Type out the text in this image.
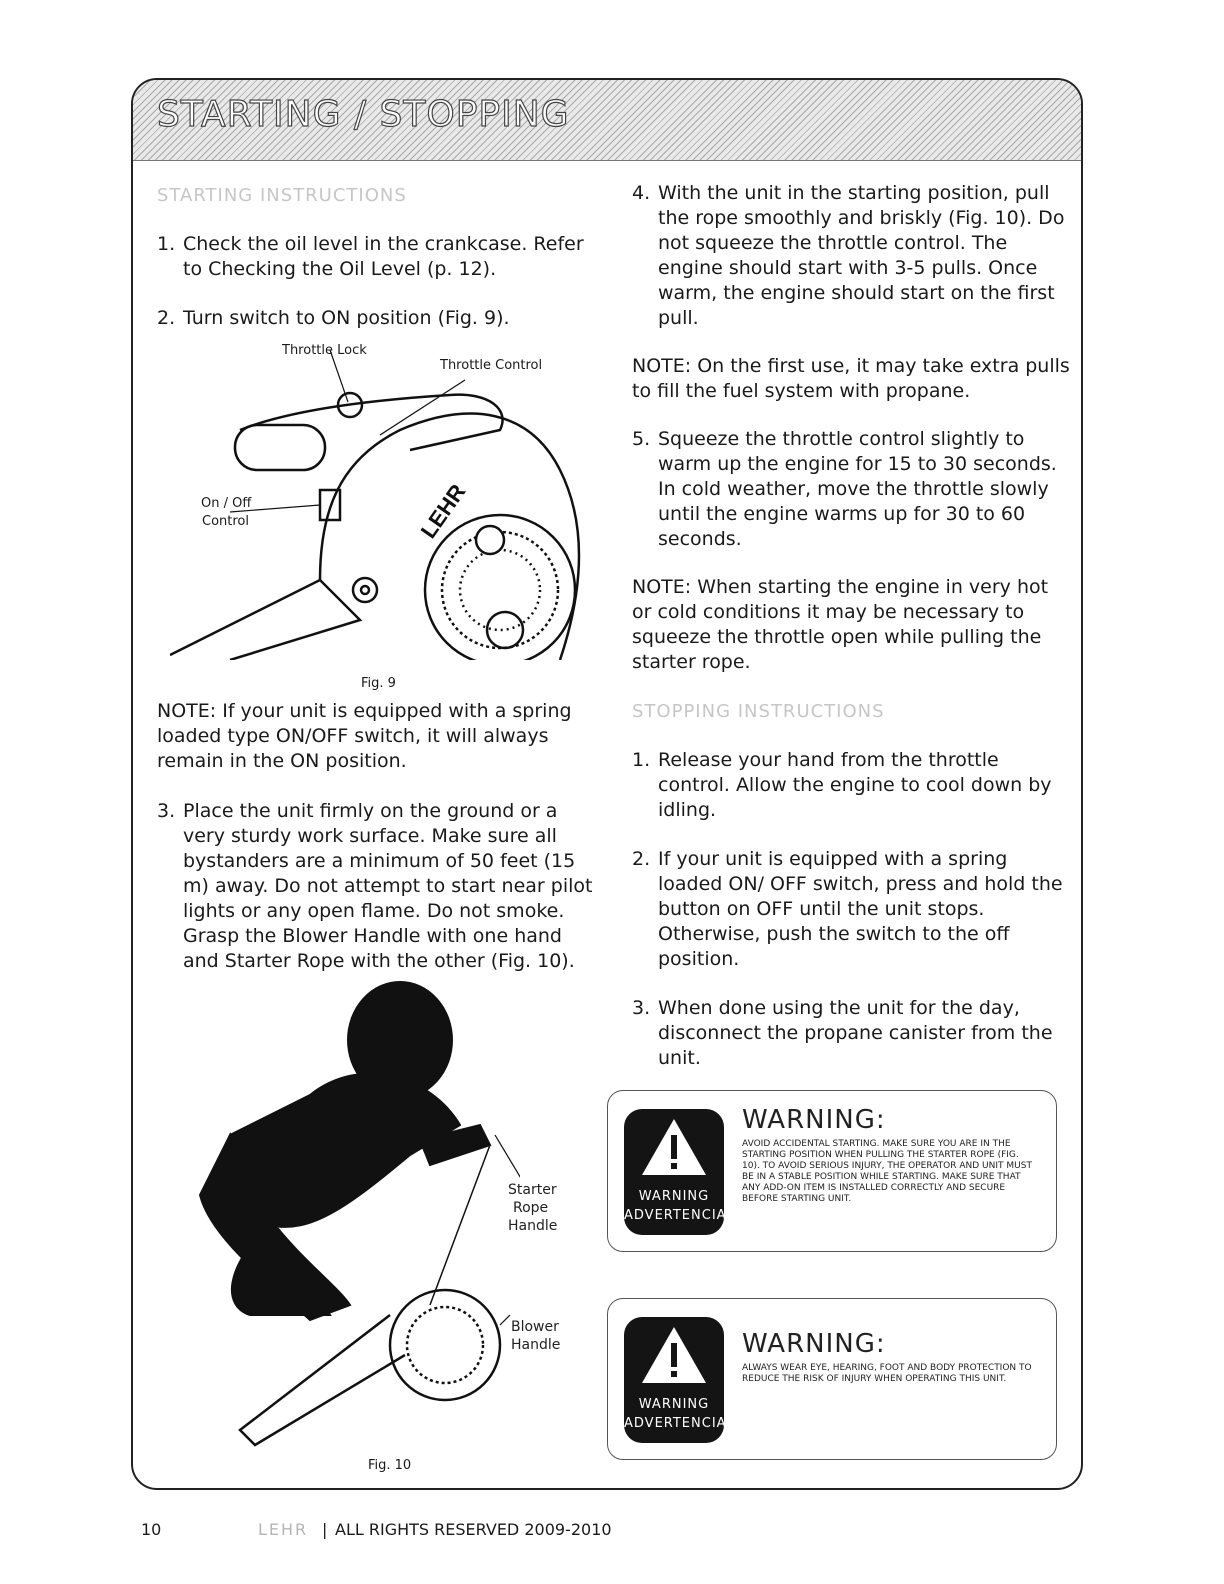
STARTING / STOPPING
STARTING INSTRUCTIONS
1. Check the oil level in the crankcase. Refer to Checking the Oil Level (p. 12).
2. Turn switch to ON position (Fig. 9).
LEHR
Throttle Lock
Throttle Control
On / Off
Control
Fig. 9

NOTE: If your unit is equipped with a spring loaded type ON/OFF switch, it will always remain in the ON position.

3. Place the unit firmly on the ground or a very sturdy work surface. Make sure all bystanders are a minimum of 50 feet (15 m) away. Do not attempt to start near pilot lights or any open flame. Do not smoke. Grasp the Blower Handle with one hand and Starter Rope with the other (Fig. 10).
Starter
Rope
Handle
Blower
Handle
Fig. 10
4. With the unit in the starting position, pull the rope smoothly and briskly (Fig. 10). Do not squeeze the throttle control. The engine should start with 3-5 pulls. Once warm, the engine should start on the first pull.

NOTE: On the first use, it may take extra pulls to fill the fuel system with propane.

5. Squeeze the throttle control slightly to warm up the engine for 15 to 30 seconds. In cold weather, move the throttle slowly until the engine warms up for 30 to 60 seconds.

NOTE: When starting the engine in very hot or cold conditions it may be necessary to squeeze the throttle open while pulling the starter rope.

STOPPING INSTRUCTIONS
1. Release your hand from the throttle control. Allow the engine to cool down by idling.
2. If your unit is equipped with a spring loaded ON/ OFF switch, press and hold the button on OFF until the unit stops. Otherwise, push the switch to the off position.
3. When done using the unit for the day, disconnect the propane canister from the unit.
WARNING
ADVERTENCIA
WARNING:
AVOID ACCIDENTAL STARTING. MAKE SURE YOU ARE IN THE STARTING POSITION WHEN PULLING THE STARTER ROPE (FIG. 10). TO AVOID SERIOUS INJURY, THE OPERATOR AND UNIT MUST BE IN A STABLE POSITION WHILE STARTING. MAKE SURE THAT ANY ADD-ON ITEM IS INSTALLED CORRECTLY AND SECURE BEFORE STARTING UNIT.
WARNING
ADVERTENCIA
WARNING:
ALWAYS WEAR EYE, HEARING, FOOT AND BODY PROTECTION TO REDUCE THE RISK OF INJURY WHEN OPERATING THIS UNIT.
10	LEHR | ALL RIGHTS RESERVED 2009-2010
